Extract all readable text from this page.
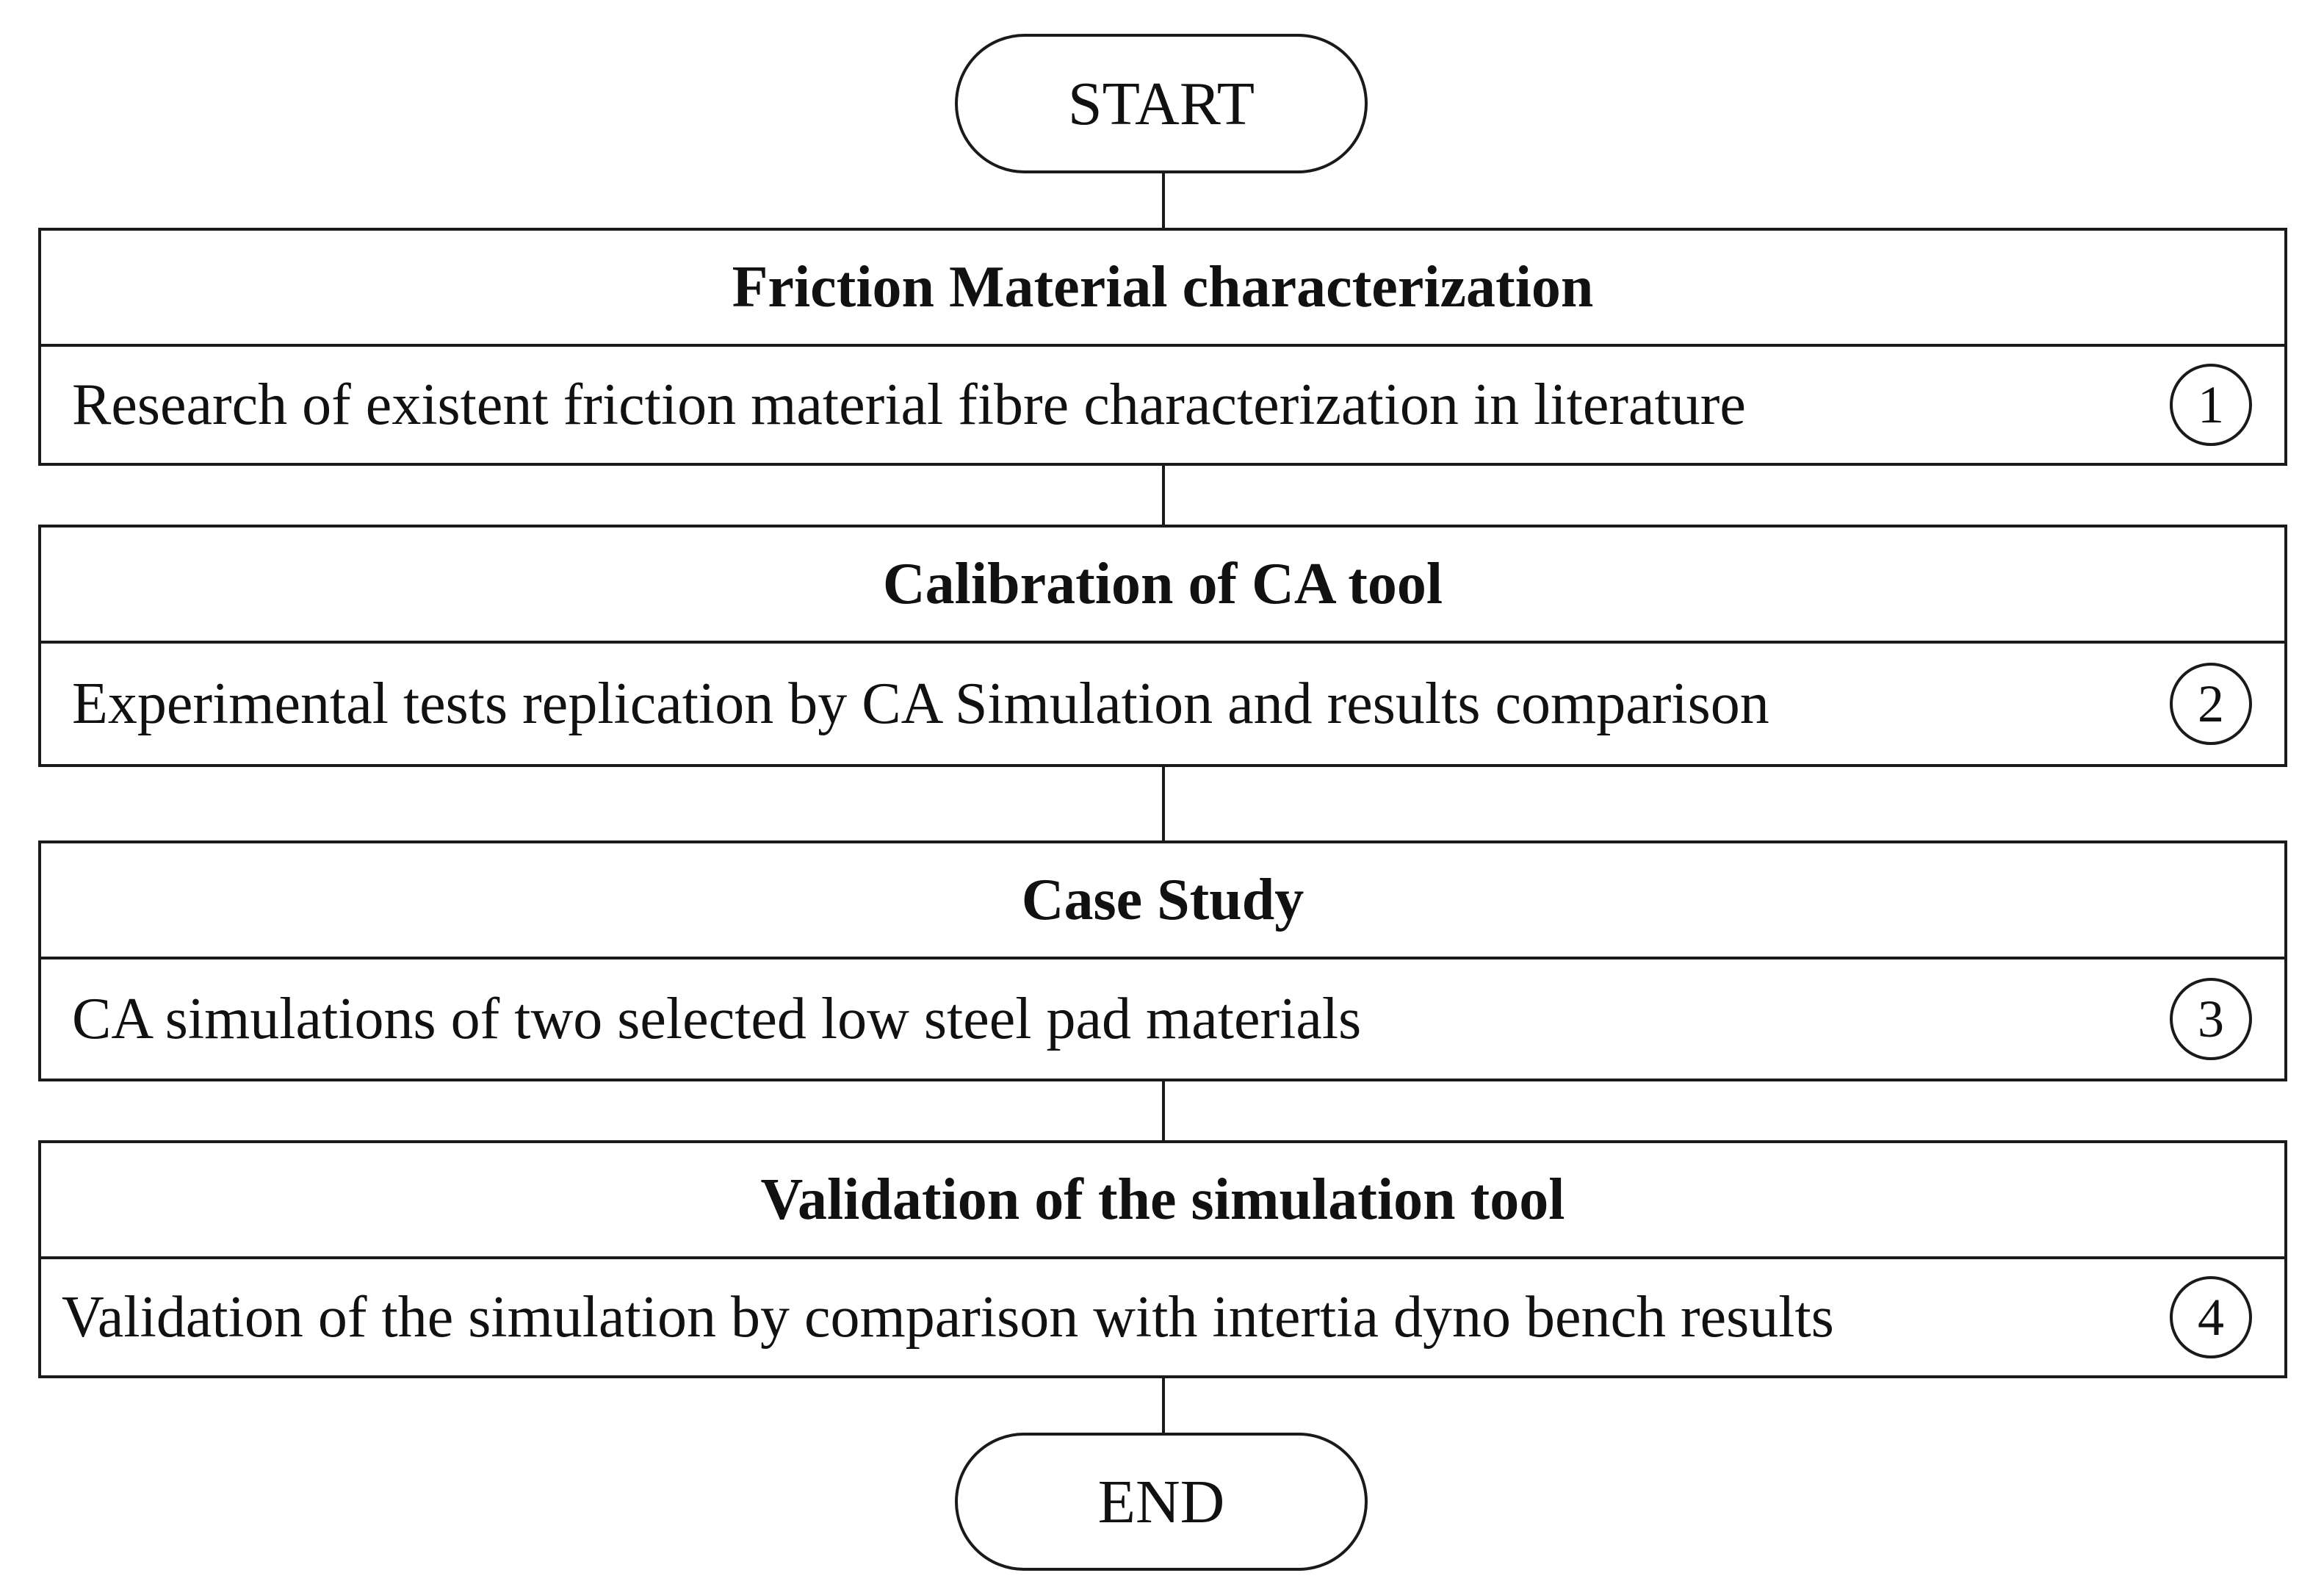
START
Friction Material characterization
Research of existent friction material fibre characterization in literature	1
Calibration of CA tool
Experimental tests replication by CA Simulation and results comparison	2
Case Study
CA simulations of two selected low steel pad materials	3
Validation of the simulation tool
Validation of the simulation by comparison with intertia dyno bench results	4
END
